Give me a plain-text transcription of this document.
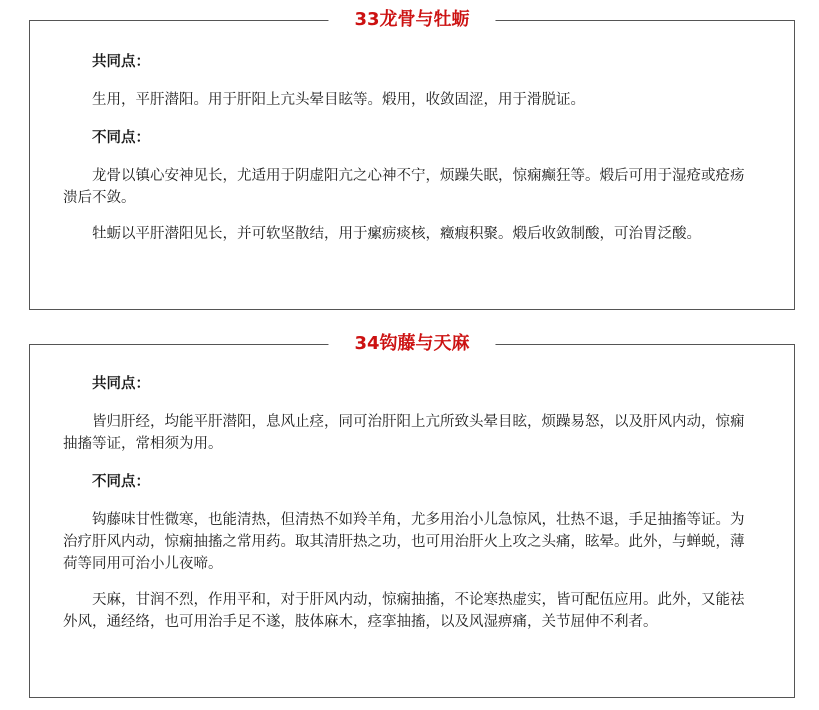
33龙骨与牡蛎
共同点：
生用，平肝潜阳。用于肝阳上亢头晕目眩等。煅用，收敛固涩，用于滑脱证。
不同点：
龙骨以镇心安神见长，尤适用于阴虚阳亢之心神不宁，烦躁失眠，惊痫癫狂等。煅后可用于湿疮或疮疡溃后不敛。
牡蛎以平肝潜阳见长，并可软坚散结，用于瘰疬痰核，癥瘕积聚。煅后收敛制酸，可治胃泛酸。
34钩藤与天麻
共同点：
皆归肝经，均能平肝潜阳，息风止痉，同可治肝阳上亢所致头晕目眩，烦躁易怒，以及肝风内动，惊痫抽搐等证，常相须为用。
不同点：
钩藤味甘性微寒，也能清热，但清热不如羚羊角，尤多用治小儿急惊风，壮热不退，手足抽搐等证。为治疗肝风内动，惊痫抽搐之常用药。取其清肝热之功，也可用治肝火上攻之头痛，眩晕。此外，与蝉蜕，薄荷等同用可治小儿夜啼。
天麻，甘润不烈，作用平和，对于肝风内动，惊痫抽搐，不论寒热虚实，皆可配伍应用。此外，又能祛外风，通经络，也可用治手足不遂，肢体麻木，痉挛抽搐，以及风湿痹痛，关节屈伸不利者。
